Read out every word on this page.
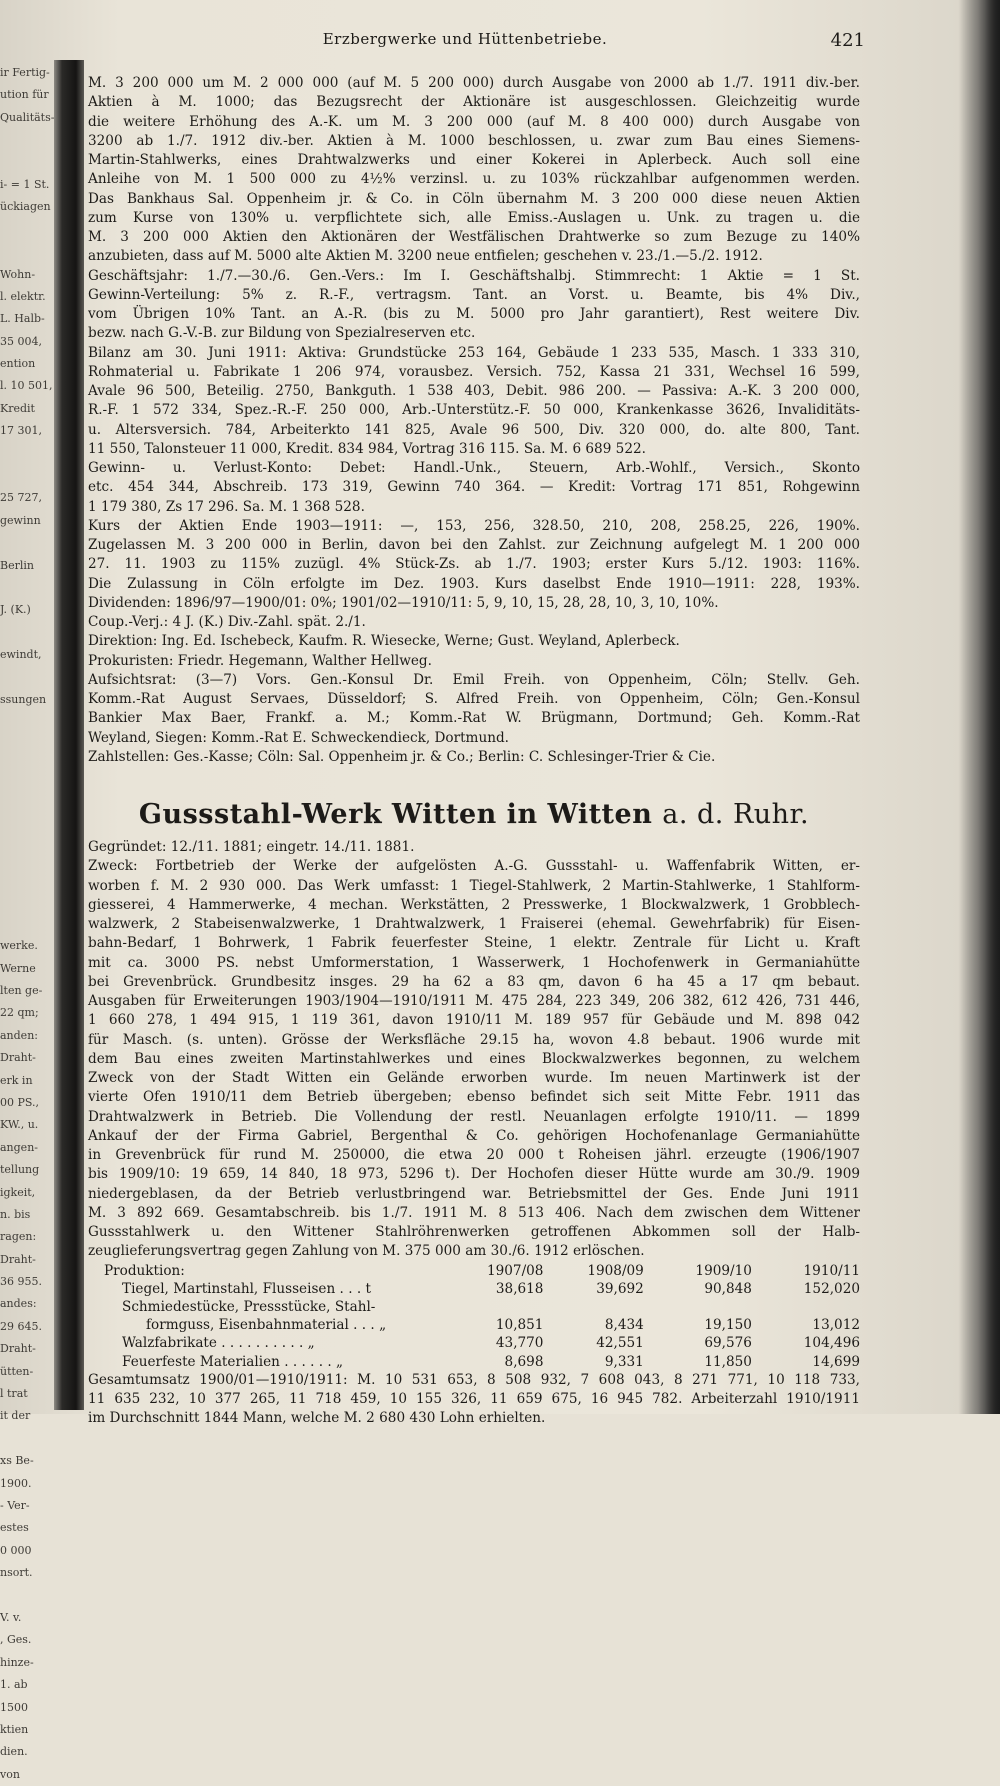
ir Fertig-
ution für
Qualitäts-
i- = 1 St.
ückiagen
Wohn-
l. elektr.
L. Halb-
35 004,
ention
l. 10 501,
Kredit
17 301,
25 727,
gewinn
Berlin
J. (K.)
ewindt,
ssungen
werke.
Werne
lten ge-
22 qm;
anden:
Draht-
erk in
00 PS.,
KW., u.
angen-
tellung
igkeit,
n. bis
ragen:
Draht-
36 955.
andes:
29 645.
Draht-
ütten-
l trat
it der
xs Be-
1900.
- Ver-
estes
0 000
nsort.
V. v.
, Ges.
hinze-
1. ab
1500
ktien
dien.
von
Erzbergwerke und Hüttenbetriebe.	421
M. 3 200 000 um M. 2 000 000 (auf M. 5 200 000) durch Ausgabe von 2000 ab 1./7. 1911 div.-ber.
Aktien à M. 1000; das Bezugsrecht der Aktionäre ist ausgeschlossen. Gleichzeitig wurde
die weitere Erhöhung des A.-K. um M. 3 200 000 (auf M. 8 400 000) durch Ausgabe von
3200 ab 1./7. 1912 div.-ber. Aktien à M. 1000 beschlossen, u. zwar zum Bau eines Siemens-
Martin-Stahlwerks, eines Drahtwalzwerks und einer Kokerei in Aplerbeck. Auch soll eine
Anleihe von M. 1 500 000 zu 4½% verzinsl. u. zu 103% rückzahlbar aufgenommen werden.
Das Bankhaus Sal. Oppenheim jr. & Co. in Cöln übernahm M. 3 200 000 diese neuen Aktien
zum Kurse von 130% u. verpflichtete sich, alle Emiss.-Auslagen u. Unk. zu tragen u. die
M. 3 200 000 Aktien den Aktionären der Westfälischen Drahtwerke so zum Bezuge zu 140%
anzubieten, dass auf M. 5000 alte Aktien M. 3200 neue entfielen; geschehen v. 23./1.—5./2. 1912.
Geschäftsjahr: 1./7.—30./6. Gen.-Vers.: Im I. Geschäftshalbj. Stimmrecht: 1 Aktie = 1 St.
Gewinn-Verteilung: 5% z. R.-F., vertragsm. Tant. an Vorst. u. Beamte, bis 4% Div.,
vom Übrigen 10% Tant. an A.-R. (bis zu M. 5000 pro Jahr garantiert), Rest weitere Div.
bezw. nach G.-V.-B. zur Bildung von Spezialreserven etc.
Bilanz am 30. Juni 1911: Aktiva: Grundstücke 253 164, Gebäude 1 233 535, Masch. 1 333 310,
Rohmaterial u. Fabrikate 1 206 974, vorausbez. Versich. 752, Kassa 21 331, Wechsel 16 599,
Avale 96 500, Beteilig. 2750, Bankguth. 1 538 403, Debit. 986 200. — Passiva: A.-K. 3 200 000,
R.-F. 1 572 334, Spez.-R.-F. 250 000, Arb.-Unterstütz.-F. 50 000, Krankenkasse 3626, Invaliditäts-
u. Altersversich. 784, Arbeiterkto 141 825, Avale 96 500, Div. 320 000, do. alte 800, Tant.
11 550, Talonsteuer 11 000, Kredit. 834 984, Vortrag 316 115. Sa. M. 6 689 522.
Gewinn- u. Verlust-Konto: Debet: Handl.-Unk., Steuern, Arb.-Wohlf., Versich., Skonto
etc. 454 344, Abschreib. 173 319, Gewinn 740 364. — Kredit: Vortrag 171 851, Rohgewinn
1 179 380, Zs 17 296. Sa. M. 1 368 528.
Kurs der Aktien Ende 1903—1911: —, 153, 256, 328.50, 210, 208, 258.25, 226, 190%.
Zugelassen M. 3 200 000 in Berlin, davon bei den Zahlst. zur Zeichnung aufgelegt M. 1 200 000
27. 11. 1903 zu 115% zuzügl. 4% Stück-Zs. ab 1./7. 1903; erster Kurs 5./12. 1903: 116%.
Die Zulassung in Cöln erfolgte im Dez. 1903. Kurs daselbst Ende 1910—1911: 228, 193%.
Dividenden: 1896/97—1900/01: 0%; 1901/02—1910/11: 5, 9, 10, 15, 28, 28, 10, 3, 10, 10%.
Coup.-Verj.: 4 J. (K.) Div.-Zahl. spät. 2./1.
Direktion: Ing. Ed. Ischebeck, Kaufm. R. Wiesecke, Werne; Gust. Weyland, Aplerbeck.
Prokuristen: Friedr. Hegemann, Walther Hellweg.
Aufsichtsrat: (3—7) Vors. Gen.-Konsul Dr. Emil Freih. von Oppenheim, Cöln; Stellv. Geh.
Komm.-Rat August Servaes, Düsseldorf; S. Alfred Freih. von Oppenheim, Cöln; Gen.-Konsul
Bankier Max Baer, Frankf. a. M.; Komm.-Rat W. Brügmann, Dortmund; Geh. Komm.-Rat
Weyland, Siegen: Komm.-Rat E. Schweckendieck, Dortmund.
Zahlstellen: Ges.-Kasse; Cöln: Sal. Oppenheim jr. & Co.; Berlin: C. Schlesinger-Trier & Cie.
Gussstahl-Werk Witten in Witten a. d. Ruhr.
Gegründet: 12./11. 1881; eingetr. 14./11. 1881.
Zweck: Fortbetrieb der Werke der aufgelösten A.-G. Gussstahl- u. Waffenfabrik Witten, er-
worben f. M. 2 930 000. Das Werk umfasst: 1 Tiegel-Stahlwerk, 2 Martin-Stahlwerke, 1 Stahlform-
giesserei, 4 Hammerwerke, 4 mechan. Werkstätten, 2 Presswerke, 1 Blockwalzwerk, 1 Grobblech-
walzwerk, 2 Stabeisenwalzwerke, 1 Drahtwalzwerk, 1 Fraiserei (ehemal. Gewehrfabrik) für Eisen-
bahn-Bedarf, 1 Bohrwerk, 1 Fabrik feuerfester Steine, 1 elektr. Zentrale für Licht u. Kraft
mit ca. 3000 PS. nebst Umformerstation, 1 Wasserwerk, 1 Hochofenwerk in Germaniahütte
bei Grevenbrück. Grundbesitz insges. 29 ha 62 a 83 qm, davon 6 ha 45 a 17 qm bebaut.
Ausgaben für Erweiterungen 1903/1904—1910/1911 M. 475 284, 223 349, 206 382, 612 426, 731 446,
1 660 278, 1 494 915, 1 119 361, davon 1910/11 M. 189 957 für Gebäude und M. 898 042
für Masch. (s. unten). Grösse der Werksfläche 29.15 ha, wovon 4.8 bebaut. 1906 wurde mit
dem Bau eines zweiten Martinstahlwerkes und eines Blockwalzwerkes begonnen, zu welchem
Zweck von der Stadt Witten ein Gelände erworben wurde. Im neuen Martinwerk ist der
vierte Ofen 1910/11 dem Betrieb übergeben; ebenso befindet sich seit Mitte Febr. 1911 das
Drahtwalzwerk in Betrieb. Die Vollendung der restl. Neuanlagen erfolgte 1910/11. — 1899
Ankauf der der Firma Gabriel, Bergenthal & Co. gehörigen Hochofenanlage Germaniahütte
in Grevenbrück für rund M. 250000, die etwa 20 000 t Roheisen jährl. erzeugte (1906/1907
bis 1909/10: 19 659, 14 840, 18 973, 5296 t). Der Hochofen dieser Hütte wurde am 30./9. 1909
niedergeblasen, da der Betrieb verlustbringend war. Betriebsmittel der Ges. Ende Juni 1911
M. 3 892 669. Gesamtabschreib. bis 1./7. 1911 M. 8 513 406. Nach dem zwischen dem Wittener
Gussstahlwerk u. den Wittener Stahlröhrenwerken getroffenen Abkommen soll der Halb-
zeuglieferungsvertrag gegen Zahlung von M. 375 000 am 30./6. 1912 erlöschen.
Produktion:	1907/08	1908/09	1909/10	1910/11
Tiegel, Martinstahl, Flusseisen . . . t	38,618	39,692	90,848	152,020
Schmiedestücke, Pressstücke, Stahl-				
formguss, Eisenbahnmaterial . . . „	10,851	8,434	19,150	13,012
Walzfabrikate . . . . . . . . . . „	43,770	42,551	69,576	104,496
Feuerfeste Materialien . . . . . . „	8,698	9,331	11,850	14,699
Gesamtumsatz 1900/01—1910/1911: M. 10 531 653, 8 508 932, 7 608 043, 8 271 771, 10 118 733,
11 635 232, 10 377 265, 11 718 459, 10 155 326, 11 659 675, 16 945 782. Arbeiterzahl 1910/1911
im Durchschnitt 1844 Mann, welche M. 2 680 430 Lohn erhielten.
